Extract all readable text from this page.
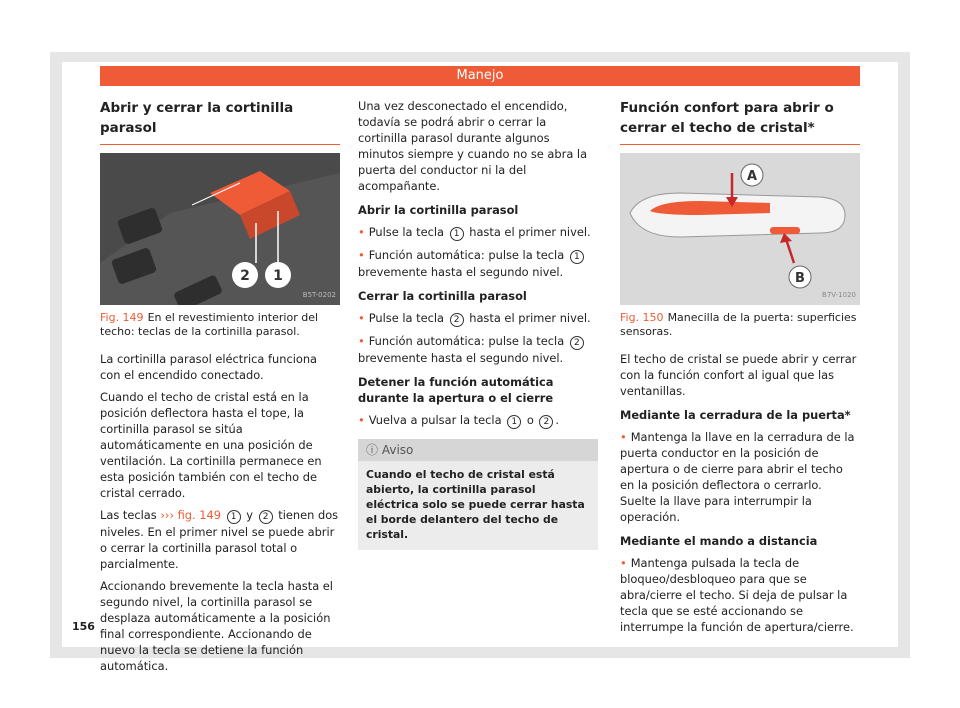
Manejo
Abrir y cerrar la cortinilla parasol
2 1
B5T-0202
Fig. 149 En el revestimiento interior del techo: teclas de la cortinilla parasol.

La cortinilla parasol eléctrica funciona con el encendido conectado.

Cuando el techo de cristal está en la posición deflectora hasta el tope, la cortinilla parasol se sitúa automáticamente en una posición de ventilación. La cortinilla permanece en esta posición también con el techo de cristal cerrado.

Las teclas ››› fig. 149 1 y 2 tienen dos niveles. En el primer nivel se puede abrir o cerrar la cortinilla parasol total o parcialmente.

Accionando brevemente la tecla hasta el segundo nivel, la cortinilla parasol se desplaza automáticamente a la posición final correspondiente. Accionando de nuevo la tecla se detiene la función automática.

Una vez desconectado el encendido, todavía se podrá abrir o cerrar la cortinilla parasol durante algunos minutos siempre y cuando no se abra la puerta del conductor ni la del acompañante.

Abrir la cortinilla parasol

• Pulse la tecla 1 hasta el primer nivel.

• Función automática: pulse la tecla 1 brevemente hasta el segundo nivel.

Cerrar la cortinilla parasol

• Pulse la tecla 2 hasta el primer nivel.

• Función automática: pulse la tecla 2 brevemente hasta el segundo nivel.

Detener la función automática durante la apertura o el cierre

• Vuelva a pulsar la tecla 1 o 2 .

ⓘ Aviso
Cuando el techo de cristal está abierto, la cortinilla parasol eléctrica solo se puede cerrar hasta el borde delantero del techo de cristal.
Función confort para abrir o cerrar el techo de cristal*
A
B
B7V-1020
Fig. 150 Manecilla de la puerta: superficies sensoras.

El techo de cristal se puede abrir y cerrar con la función confort al igual que las ventanillas.

Mediante la cerradura de la puerta*

• Mantenga la llave en la cerradura de la puerta conductor en la posición de apertura o de cierre para abrir el techo en la posición deflectora o cerrarlo. Suelte la llave para interrumpir la operación.

Mediante el mando a distancia

• Mantenga pulsada la tecla de bloqueo/desbloqueo para que se abra/cierre el techo. Si deja de pulsar la tecla que se esté accionando se interrumpe la función de apertura/cierre.

156
